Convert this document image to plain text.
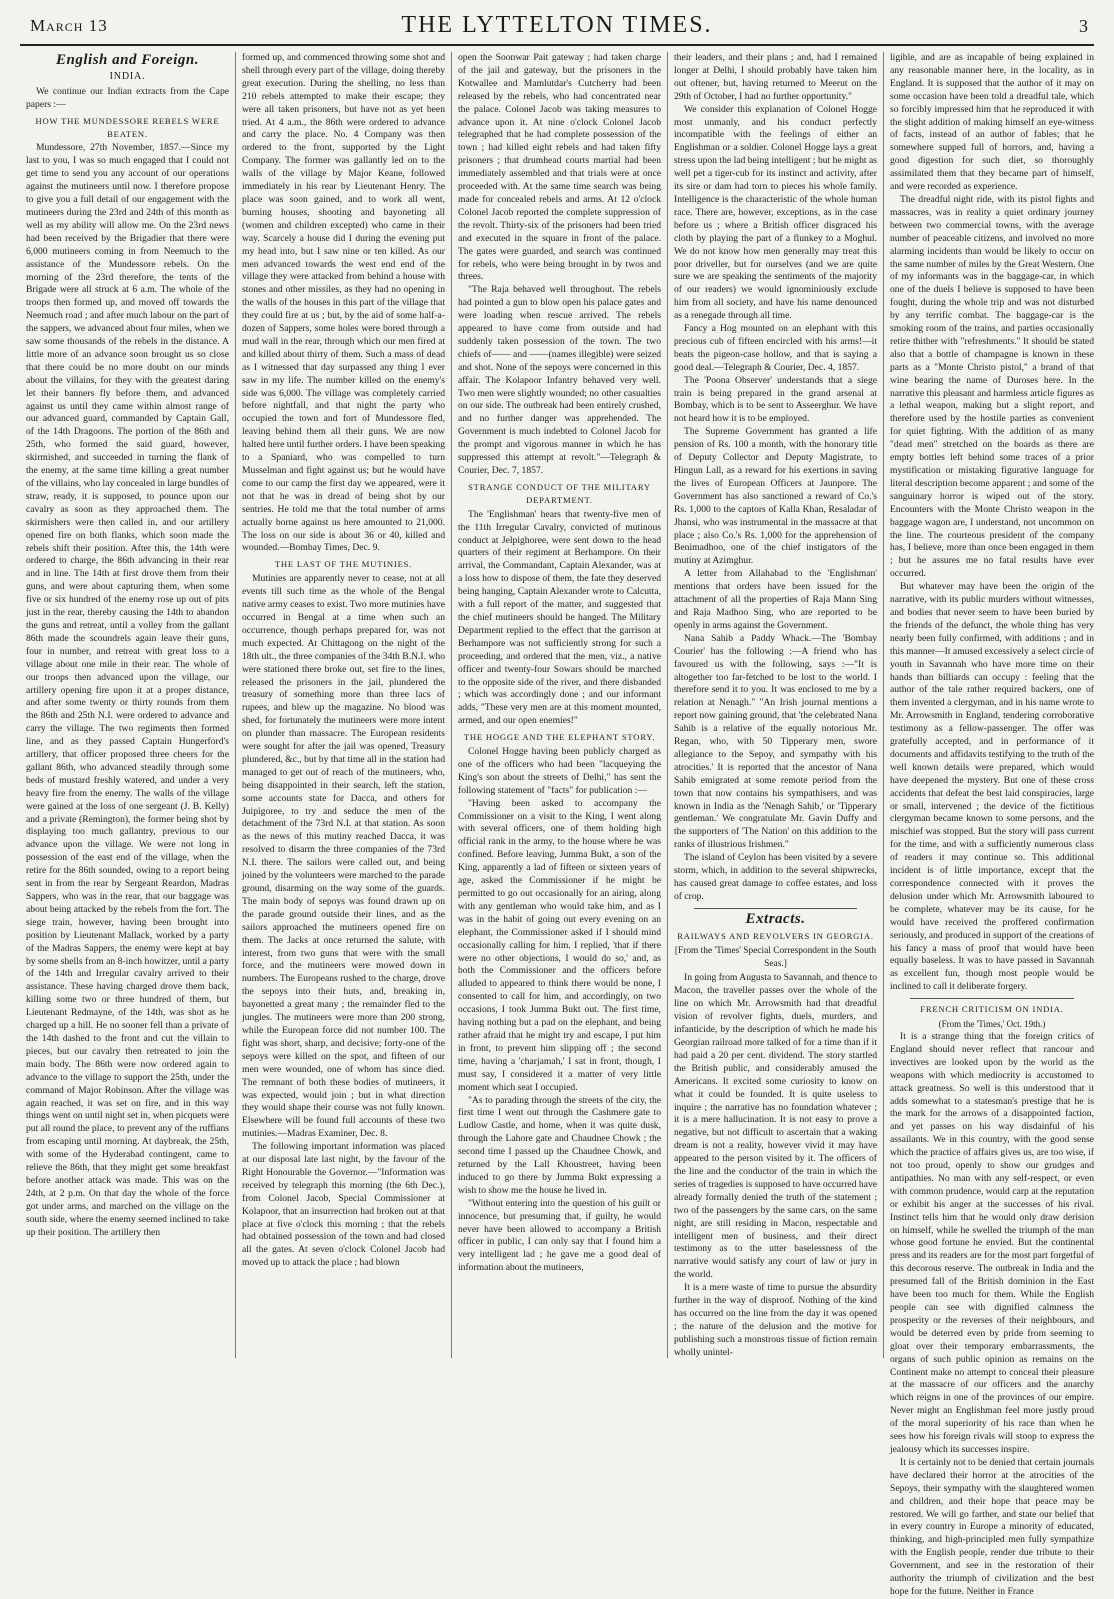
March 13	THE LYTTELTON TIMES.	3
English and Foreign.
INDIA.

We continue our Indian extracts from the Cape papers :—

HOW THE MUNDESSORE REBELS WERE BEATEN.

Mundessore, 27th November, 1857.—Since my last to you, I was so much engaged that I could not get time to send you any account of our operations against the mutineers until now. I therefore propose to give you a full detail of our engagement with the mutineers during the 23rd and 24th of this month as well as my ability will allow me. On the 23rd news had been received by the Brigadier that there were 6,000 mutineers coming in from Neemuch to the assistance of the Mundessore rebels. On the morning of the 23rd therefore, the tents of the Brigade were all struck at 6 a.m. The whole of the troops then formed up, and moved off towards the Neemuch road ; and after much labour on the part of the sappers, we advanced about four miles, when we saw some thousands of the rebels in the distance. A little more of an advance soon brought us so close that there could be no more doubt on our minds about the villains, for they with the greatest daring let their banners fly before them, and advanced against us until they came within almost range of our advanced guard, commanded by Captain Gall, of the 14th Dragoons. The portion of the 86th and 25th, who formed the said guard, however, skirmished, and succeeded in turning the flank of the enemy, at the same time killing a great number of the villains, who lay concealed in large bundles of straw, ready, it is supposed, to pounce upon our cavalry as soon as they approached them. The skirmishers were then called in, and our artillery opened fire on both flanks, which soon made the rebels shift their position. After this, the 14th were ordered to charge, the 86th advancing in their rear and in line. The 14th at first drove them from their guns, and were about capturing them, when some five or six hundred of the enemy rose up out of pits just in the rear, thereby causing the 14th to abandon the guns and retreat, until a volley from the gallant 86th made the scoundrels again leave their guns, four in number, and retreat with great loss to a village about one mile in their rear. The whole of our troops then advanced upon the village, our artillery opening fire upon it at a proper distance, and after some twenty or thirty rounds from them the 86th and 25th N.I. were ordered to advance and carry the village. The two regiments then formed line, and as they passed Captain Hungerford's artillery, that officer proposed three cheers for the gallant 86th, who advanced steadily through some beds of mustard freshly watered, and under a very heavy fire from the enemy. The walls of the village were gained at the loss of one sergeant (J. B. Kelly) and a private (Remington), the former being shot by displaying too much gallantry, previous to our advance upon the village. We were not long in possession of the east end of the village, when the retire for the 86th sounded, owing to a report being sent in from the rear by Sergeant Reardon, Madras Sappers, who was in the rear, that our baggage was about being attacked by the rebels from the fort. The siege train, however, having been brought into position by Lieutenant Mallack, worked by a party of the Madras Sappers, the enemy were kept at bay by some shells from an 8-inch howitzer, until a party of the 14th and Irregular cavalry arrived to their assistance. These having charged drove them back, killing some two or three hundred of them, but Lieutenant Redmayne, of the 14th, was shot as he charged up a hill. He no sooner fell than a private of the 14th dashed to the front and cut the villain to pieces, but our cavalry then retreated to join the main body. The 86th were now ordered again to advance to the village to support the 25th, under the command of Major Robinson. After the village was again reached, it was set on fire, and in this way things went on until night set in, when picquets were put all round the place, to prevent any of the ruffians from escaping until morning. At daybreak, the 25th, with some of the Hyderabad contingent, came to relieve the 86th, that they might get some breakfast before another attack was made. This was on the 24th, at 2 p.m. On that day the whole of the force got under arms, and marched on the village on the south side, where the enemy seemed inclined to take up their position. The artillery then

formed up, and commenced throwing some shot and shell through every part of the village, doing thereby great execution. During the shelling, no less than 210 rebels attempted to make their escape; they were all taken prisoners, but have not as yet been tried. At 4 a.m., the 86th were ordered to advance and carry the place. No. 4 Company was then ordered to the front, supported by the Light Company. The former was gallantly led on to the walls of the village by Major Keane, followed immediately in his rear by Lieutenant Henry. The place was soon gained, and to work all went, burning houses, shooting and bayoneting all (women and children excepted) who came in their way. Scarcely a house did I during the evening put my head into, but I saw nine or ten killed. As our men advanced towards the west end end of the village they were attacked from behind a house with stones and other missiles, as they had no opening in the walls of the houses in this part of the village that they could fire at us ; but, by the aid of some half-a-dozen of Sappers, some holes were bored through a mud wall in the rear, through which our men fired at and killed about thirty of them. Such a mass of dead as I witnessed that day surpassed any thing I ever saw in my life. The number killed on the enemy's side was 6,000. The village was completely carried before nightfall, and that night the party who occupied the town and fort of Mundessore fled, leaving behind them all their guns. We are now halted here until further orders. I have been speaking to a Spaniard, who was compelled to turn Musselman and fight against us; but he would have come to our camp the first day we appeared, were it not that he was in dread of being shot by our sentries. He told me that the total number of arms actually borne against us here amounted to 21,000. The loss on our side is about 36 or 40, killed and wounded.—Bombay Times, Dec. 9.

THE LAST OF THE MUTINIES.

Mutinies are apparently never to cease, not at all events till such time as the whole of the Bengal native army ceases to exist. Two more mutinies have occurred in Bengal at a time when such an occurrence, though perhaps prepared for, was not much expected. At Chittagong on the night of the 18th ult., the three companies of the 34th B.N.I. who were stationed there broke out, set fire to the lines, released the prisoners in the jail, plundered the treasury of something more than three lacs of rupees, and blew up the magazine. No blood was shed, for fortunately the mutineers were more intent on plunder than massacre. The European residents were sought for after the jail was opened, Treasury plundered, &c., but by that time all in the station had managed to get out of reach of the mutineers, who, being disappointed in their search, left the station, some accounts state for Dacca, and others for Juipigoree, to try and seduce the men of the detachment of the 73rd N.I. at that station. As soon as the news of this mutiny reached Dacca, it was resolved to disarm the three companies of the 73rd N.I. there. The sailors were called out, and being joined by the volunteers were marched to the parade ground, disarming on the way some of the guards. The main body of sepoys was found drawn up on the parade ground outside their lines, and as the sailors approached the mutineers opened fire on them. The Jacks at once returned the salute, with interest, from two guns that were with the small force, and the mutineers were mowed down in numbers. The Europeans rushed to the charge, drove the sepoys into their huts, and, breaking in, bayonetted a great many ; the remainder fled to the jungles. The mutineers were more than 200 strong, while the European force did not number 100. The fight was short, sharp, and decisive; forty-one of the sepoys were killed on the spot, and fifteen of our men were wounded, one of whom has since died. The remnant of both these bodies of mutineers, it was expected, would join ; but in what direction they would shape their course was not fully known. Elsewhere will be found full accounts of these two mutinies.—Madras Examiner, Dec. 8.

The following important information was placed at our disposal late last night, by the favour of the Right Honourable the Governor.—"Information was received by telegraph this morning (the 6th Dec.), from Colonel Jacob, Special Commissioner at Kolapoor, that an insurrection had broken out at that place at five o'clock this morning ; that the rebels had obtained possession of the town and had closed all the gates. At seven o'clock Colonel Jacob had moved up to attack the place ; had blown

open the Soonwar Pait gateway ; had taken charge of the jail and gateway, but the prisoners in the Kotwallee and Mamlutdar's Cutcherry had been released by the rebels, who had concentrated near the palace. Colonel Jacob was taking measures to advance upon it. At nine o'clock Colonel Jacob telegraphed that he had complete possession of the town ; had killed eight rebels and had taken fifty prisoners ; that drumhead courts martial had been immediately assembled and that trials were at once proceeded with. At the same time search was being made for concealed rebels and arms. At 12 o'clock Colonel Jacob reported the complete suppression of the revolt. Thirty-six of the prisoners had been tried and executed in the square in front of the palace. The gates were guarded, and search was continued for rebels, who were being brought in by twos and threes.

"The Raja behaved well throughout. The rebels had pointed a gun to blow open his palace gates and were loading when rescue arrived. The rebels appeared to have come from outside and had suddenly taken possession of the town. The two chiefs of—— and ——(names illegible) were seized and shot. None of the sepoys were concerned in this affair. The Kolapoor Infantry behaved very well. Two men were slightly wounded; no other casualties on our side. The outbreak had been entirely crushed, and no further danger was apprehended. The Government is much indebted to Colonel Jacob for the prompt and vigorous manner in which he has suppressed this attempt at revolt."—Telegraph & Courier, Dec. 7, 1857.

STRANGE CONDUCT OF THE MILITARY DEPARTMENT.

The 'Englishman' hears that twenty-five men of the 11th Irregular Cavalry, convicted of mutinous conduct at Jelpighoree, were sent down to the head quarters of their regiment at Berhampore. On their arrival, the Commandant, Captain Alexander, was at a loss how to dispose of them, the fate they deserved being hanging, Captain Alexander wrote to Calcutta, with a full report of the matter, and suggested that the chief mutineers should be hanged. The Military Department replied to the effect that the garrison at Berhampore was not sufficiently strong for such a proceeding, and ordered that the men, viz., a native officer and twenty-four Sowars should be marched to the opposite side of the river, and there disbanded ; which was accordingly done ; and our informant adds, "These very men are at this moment mounted, armed, and our open enemies!"

THE HOGGE AND THE ELEPHANT STORY.

Colonel Hogge having been publicly charged as one of the officers who had been "lacqueying the King's son about the streets of Delhi," has sent the following statement of "facts" for publication :—

"Having been asked to accompany the Commissioner on a visit to the King, I went along with several officers, one of them holding high official rank in the army, to the house where he was confined. Before leaving, Jumma Bukt, a son of the King, apparently a lad of fifteen or sixteen years of age, asked the Commissioner if he might be permitted to go out occasionally for an airing, along with any gentleman who would take him, and as I was in the habit of going out every evening on an elephant, the Commissioner asked if I should mind occasionally calling for him. I replied, 'that if there were no other objections, I would do so,' and, as both the Commissioner and the officers before alluded to appeared to think there would be none, I consented to call for him, and accordingly, on two occasions, I took Jumma Bukt out. The first time, having nothing but a pad on the elephant, and being rather afraid that he might try and escape, I put him in front, to prevent him slipping off ; the second time, having a 'charjamah,' I sat in front, though, I must say, I considered it a matter of very little moment which seat I occupied.

"As to parading through the streets of the city, the first time I went out through the Cashmere gate to Ludlow Castle, and home, when it was quite dusk, through the Lahore gate and Chaudnee Chowk ; the second time I passed up the Chaudnee Chowk, and returned by the Lall Khoustreet, having been induced to go there by Jumma Bukt expressing a wish to show me the house he lived in.

"Without entering into the question of his guilt or innocence, but presuming that, if guilty, he would never have been allowed to accompany a British officer in public, I can only say that I found him a very intelligent lad ; he gave me a good deal of information about the mutineers,

their leaders, and their plans ; and, had I remained longer at Delhi, I should probably have taken him out oftener, but, having returned to Meerut on the 29th of October, I had no further opportunity."

We consider this explanation of Colonel Hogge most unmanly, and his conduct perfectly incompatible with the feelings of either an Englishman or a soldier. Colonel Hogge lays a great stress upon the lad being intelligent ; but he might as well pet a tiger-cub for its instinct and activity, after its sire or dam had torn to pieces his whole family. Intelligence is the characteristic of the whole human race. There are, however, exceptions, as in the case before us ; where a British officer disgraced his cloth by playing the part of a flunkey to a Moghul. We do not know how men generally may treat this poor driveller, but for ourselves (and we are quite sure we are speaking the sentiments of the majority of our readers) we would ignominiously exclude him from all society, and have his name denounced as a renegade through all time.

Fancy a Hog mounted on an elephant with this precious cub of fifteen encircled with his arms!—it beats the pigeon-case hollow, and that is saying a good deal.—Telegraph & Courier, Dec. 4, 1857.

The 'Poona Observer' understands that a siege train is being prepared in the grand arsenal at Bombay, which is to be sent to Asseerghur. We have not heard how it is to be employed.

The Supreme Government has granted a life pension of Rs. 100 a month, with the honorary title of Deputy Collector and Deputy Magistrate, to Hingun Lall, as a reward for his exertions in saving the lives of European Officers at Jaunpore. The Government has also sanctioned a reward of Co.'s Rs. 1,000 to the captors of Kalla Khan, Resaladar of Jhansi, who was instrumental in the massacre at that place ; also Co.'s Rs. 1,000 for the apprehension of Benimadhoo, one of the chief instigators of the mutiny at Azimghur.

A letter from Allahabad to the 'Englishman' mentions that orders have been issued for the attachment of all the properties of Raja Mann Sing and Raja Madhoo Sing, who are reported to be openly in arms against the Government.

Nana Sahib a Paddy Whack.—The 'Bombay Courier' has the following :—A friend who has favoured us with the following, says :—"It is altogether too far-fetched to be lost to the world. I therefore send it to you. It was enclosed to me by a relation at Nenagh." "An Irish journal mentions a report now gaining ground, that 'the celebrated Nana Sahib is a relative of the equally notorious Mr. Regan, who, with 50 Tipperary men, swore allegiance to the Sepoy, and sympathy with his atrocities.' It is reported that the ancestor of Nana Sahib emigrated at some remote period from the town that now contains his sympathisers, and was known in India as the 'Nenagh Sahib,' or 'Tipperary gentleman.' We congratulate Mr. Gavin Duffy and the supporters of 'The Nation' on this addition to the ranks of illustrious Irishmen."

The island of Ceylon has been visited by a severe storm, which, in addition to the several shipwrecks, has caused great damage to coffee estates, and loss of crop.

Extracts.
RAILWAYS AND REVOLVERS IN GEORGIA.

[From the 'Times' Special Correspondent in the South Seas.]

In going from Augusta to Savannah, and thence to Macon, the traveller passes over the whole of the line on which Mr. Arrowsmith had that dreadful vision of revolver fights, duels, murders, and infanticide, by the description of which he made his Georgian railroad more talked of for a time than if it had paid a 20 per cent. dividend. The story startled the British public, and considerably amused the Americans. It excited some curiosity to know on what it could be founded. It is quite useless to inquire ; the narrative has no foundation whatever ; it is a mere hallucination. It is not easy to prove a negative, but not difficult to ascertain that a waking dream is not a reality, however vivid it may have appeared to the person visited by it. The officers of the line and the conductor of the train in which the series of tragedies is supposed to have occurred have already formally denied the truth of the statement ; two of the passengers by the same cars, on the same night, are still residing in Macon, respectable and intelligent men of business, and their direct testimony as to the utter baselessness of the narrative would satisfy any court of law or jury in the world.

It is a mere waste of time to pursue the absurdity further in the way of disproof. Nothing of the kind has occurred on the line from the day it was opened ; the nature of the delusion and the motive for publishing such a monstrous tissue of fiction remain wholly unintel-

ligible, and are as incapable of being explained in any reasonable manner here, in the locality, as in England. It is supposed that the author of it may on some occasion have been told a dreadful tale, which so forcibly impressed him that he reproduced it with the slight addition of making himself an eye-witness of facts, instead of an author of fables; that he somewhere supped full of horrors, and, having a good digestion for such diet, so thoroughly assimilated them that they became part of himself, and were recorded as experience.

The dreadful night ride, with its pistol fights and massacres, was in reality a quiet ordinary journey between two commercial towns, with the average number of peaceable citizens, and involved no more alarming incidents than would be likely to occur on the same number of miles by the Great Western. One of my informants was in the baggage-car, in which one of the duels I believe is supposed to have been fought, during the whole trip and was not disturbed by any terrific combat. The baggage-car is the smoking room of the trains, and parties occasionally retire thither with "refreshments." It should be stated also that a bottle of champagne is known in these parts as a "Monte Christo pistol," a brand of that wine bearing the name of Duroses here. In the narrative this pleasant and harmless article figures as a lethal weapon, making but a slight report, and therefore used by the hostile parties as convenient for quiet fighting. With the addition of as many "dead men" stretched on the boards as there are empty bottles left behind some traces of a prior mystification or mistaking figurative language for literal description become apparent ; and some of the sanguinary horror is wiped out of the story. Encounters with the Monte Christo weapon in the baggage wagon are, I understand, not uncommon on the line. The courteous president of the company has, I believe, more than once been engaged in them ; but he assures me no fatal results have ever occurred.

But whatever may have been the origin of the narrative, with its public murders without witnesses, and bodies that never seem to have been buried by the friends of the defunct, the whole thing has very nearly been fully confirmed, with additions ; and in this manner—It amused excessively a select circle of youth in Savannah who have more time on their hands than billiards can occupy : feeling that the author of the tale rather required backers, one of them invented a clergyman, and in his name wrote to Mr. Arrowsmith in England, tendering corroborative testimony as a fellow-passenger. The offer was gratefully accepted, and in performance of it documents and affidavits testifying to the truth of the well known details were prepared, which would have deepened the mystery. But one of these cross accidents that defeat the best laid conspiracies, large or small, intervened ; the device of the fictitious clergyman became known to some persons, and the mischief was stopped. But the story will pass current for the time, and with a sufficiently numerous class of readers it may continue so. This additional incident is of little importance, except that the correspondence connected with it proves the delusion under which Mr. Arrowsmith laboured to be complete, whatever may be its cause, for he would have received the proffered confirmation seriously, and produced in support of the creations of his fancy a mass of proof that would have been equally baseless. It was to have passed in Savannah as excellent fun, though most people would be inclined to call it deliberate forgery.

FRENCH CRITICISM ON INDIA.

(From the 'Times,' Oct. 19th.)

It is a strange thing that the foreign critics of England should never reflect that rancour and invectives are looked upon by the world as the weapons with which mediocrity is accustomed to attack greatness. So well is this understood that it adds somewhat to a statesman's prestige that he is the mark for the arrows of a disappointed faction, and yet passes on his way disdainful of his assailants. We in this country, with the good sense which the practice of affairs gives us, are too wise, if not too proud, openly to show our grudges and antipathies. No man with any self-respect, or even with common prudence, would carp at the reputation or exhibit his anger at the successes of his rival. Instinct tells him that he would only draw derision on himself, while he swelled the triumph of the man whose good fortune he envied. But the continental press and its readers are for the most part forgetful of this decorous reserve. The outbreak in India and the presumed fall of the British dominion in the East have been too much for them. While the English people can see with dignified calmness the prosperity or the reverses of their neighbours, and would be deterred even by pride from seeming to gloat over their temporary embarrassments, the organs of such public opinion as remains on the Continent make no attempt to conceal their pleasure at the massacre of our officers and the anarchy which reigns in one of the provinces of our empire. Never might an Englishman feel more justly proud of the moral superiority of his race than when he sees how his foreign rivals will stoop to express the jealousy which its successes inspire.

It is certainly not to be denied that certain journals have declared their horror at the atrocities of the Sepoys, their sympathy with the slaughtered women and children, and their hope that peace may be restored. We will go farther, and state our belief that in every country in Europe a minority of educated, thinking, and high-principled men fully sympathize with the English people, render due tribute to their Government, and see in the restoration of their authority the triumph of civilization and the best hope for the future. Neither in France
